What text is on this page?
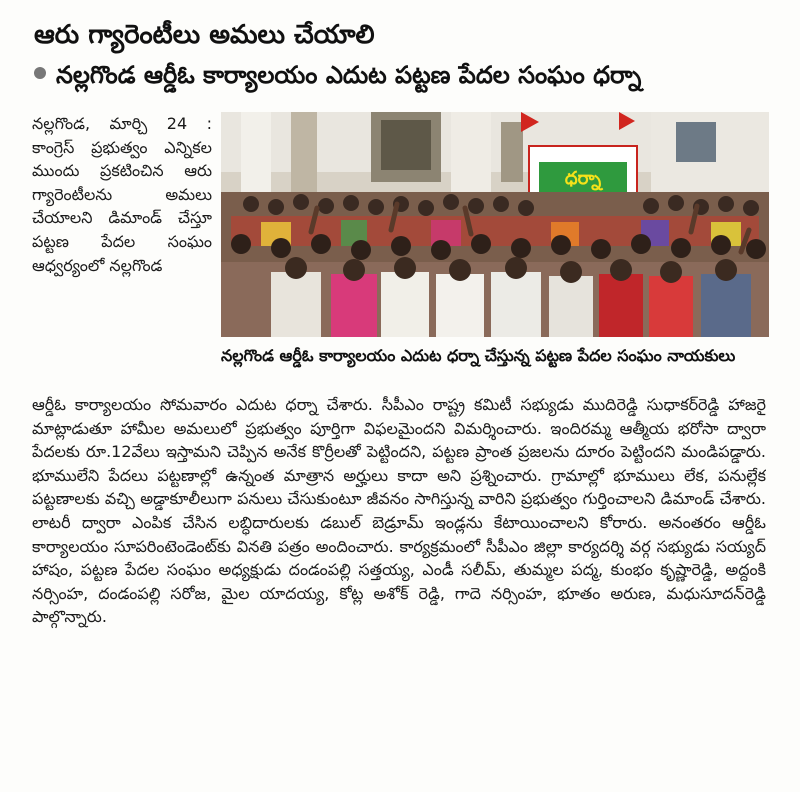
ఆరు గ్యారెంటీలు అమలు చేయాలి
నల్లగొండ ఆర్డీఓ కార్యాలయం ఎదుట పట్టణ పేదల సంఘం ధర్నా
నల్లగొండ, మార్చి 24 : కాంగ్రెస్ ప్రభుత్వం ఎన్నికల ముందు ప్రకటించిన ఆరు గ్యారెంటీలను అమలు చేయాలని డిమాండ్ చేస్తూ పట్టణ పేదల సంఘం ఆధ్వర్యంలో నల్లగొండ
ధర్నా
నల్లగొండ ఆర్డీఓ కార్యాలయం ఎదుట ధర్నా చేస్తున్న పట్టణ పేదల సంఘం నాయకులు
ఆర్డీఓ కార్యాలయం సోమవారం ఎదుట ధర్నా చేశారు. సీపీఎం రాష్ట్ర కమిటీ సభ్యుడు ముదిరెడ్డి సుధాకర్‌రెడ్డి హాజరై మాట్లాడుతూ హామీల అమలులో ప్రభుత్వం పూర్తిగా విఫలమైందని విమర్శించారు. ఇందిరమ్మ ఆత్మీయ భరోసా ద్వారా పేదలకు రూ.12వేలు ఇస్తామని చెప్పిన అనేక కొర్రీలతో పెట్టిందని, పట్టణ ప్రాంత ప్రజలను దూరం పెట్టిందని మండిపడ్డారు. భూములేని పేదలు పట్టణాల్లో ఉన్నంత మాత్రాన అర్హులు కాదా అని ప్రశ్నించారు. గ్రామాల్లో భూములు లేక, పనుల్లేక పట్టణాలకు వచ్చి అడ్డాకూలీలుగా పనులు చేసుకుంటూ జీవనం సాగిస్తున్న వారిని ప్రభుత్వం గుర్తించాలని డిమాండ్ చేశారు. లాటరీ ద్వారా ఎంపిక చేసిన లబ్ధిదారులకు డబుల్ బెడ్రూమ్ ఇండ్లను కేటాయించాలని కోరారు. అనంతరం ఆర్డీఓ కార్యాలయం సూపరింటెండెంట్‌కు వినతి పత్రం అందించారు. కార్యక్రమంలో సీపీఎం జిల్లా కార్యదర్శి వర్గ సభ్యుడు సయ్యద్ హాషం, పట్టణ పేదల సంఘం అధ్యక్షుడు దండంపల్లి సత్తయ్య, ఎండీ సలీమ్, తుమ్మల పద్మ, కుంభం కృష్ణారెడ్డి, అద్దంకి నర్సింహ, దండంపల్లి సరోజ, మైల యాదయ్య, కోట్ల అశోక్ రెడ్డి, గాదె నర్సింహ, భూతం అరుణ, మధుసూదన్‌రెడ్డి పాల్గొన్నారు.
